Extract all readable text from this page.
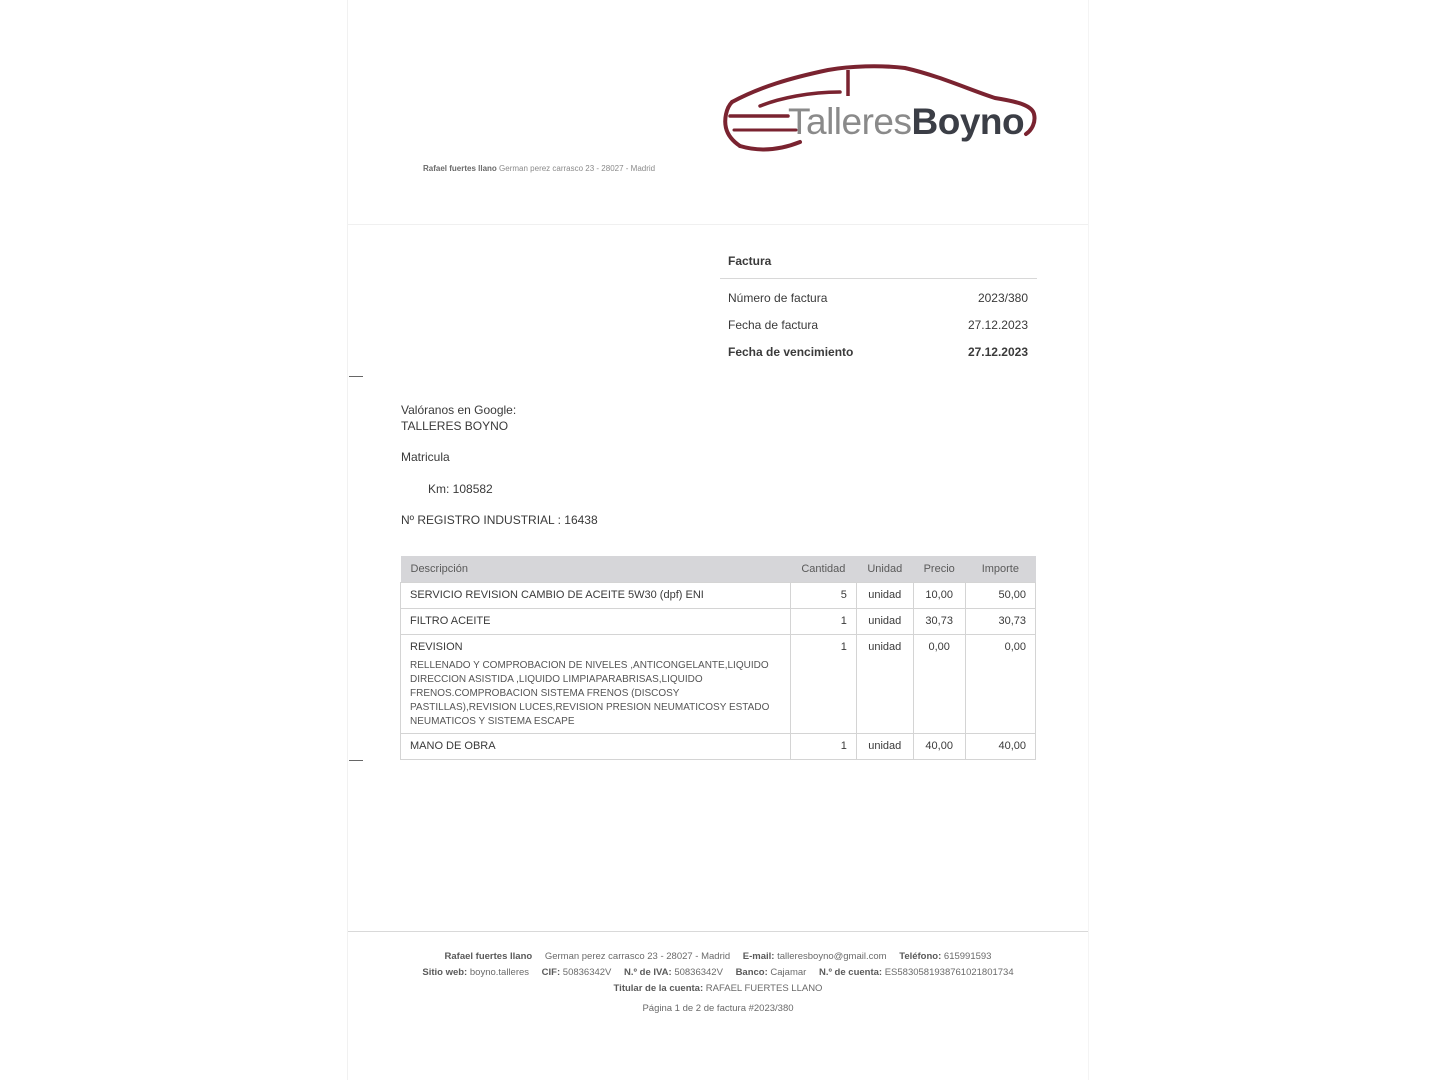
TalleresBoyno
Rafael fuertes llano German perez carrasco 23 - 28027 - Madrid
Factura
Número de factura	2023/380
Fecha de factura	27.12.2023
Fecha de vencimiento	27.12.2023
Valóranos en Google:
TALLERES BOYNO
Matricula
Km: 108582
Nº REGISTRO INDUSTRIAL : 16438
Descripción	Cantidad	Unidad	Precio	Importe
SERVICIO REVISION CAMBIO DE ACEITE 5W30 (dpf) ENI	5	unidad	10,00	50,00
FILTRO ACEITE	1	unidad	30,73	30,73

REVISION
RELLENADO Y COMPROBACION DE NIVELES ,ANTICONGELANTE,LIQUIDO DIRECCION ASISTIDA ,LIQUIDO LIMPIAPARABRISAS,LIQUIDO FRENOS.COMPROBACION SISTEMA FRENOS (DISCOSY PASTILLAS),REVISION LUCES,REVISION PRESION NEUMATICOSY ESTADO NEUMATICOS Y SISTEMA ESCAPE	1	unidad	0,00	0,00
MANO DE OBRA	1	unidad	40,00	40,00
Rafael fuertes llano German perez carrasco 23 - 28027 - Madrid E-mail: talleresboyno@gmail.com Teléfono: 615991593
Sitio web: boyno.talleres CIF: 50836342V N.º de IVA: 50836342V Banco: Cajamar N.º de cuenta: ES5830581938761021801734
Titular de la cuenta: RAFAEL FUERTES LLANO
Página 1 de 2 de factura #2023/380
